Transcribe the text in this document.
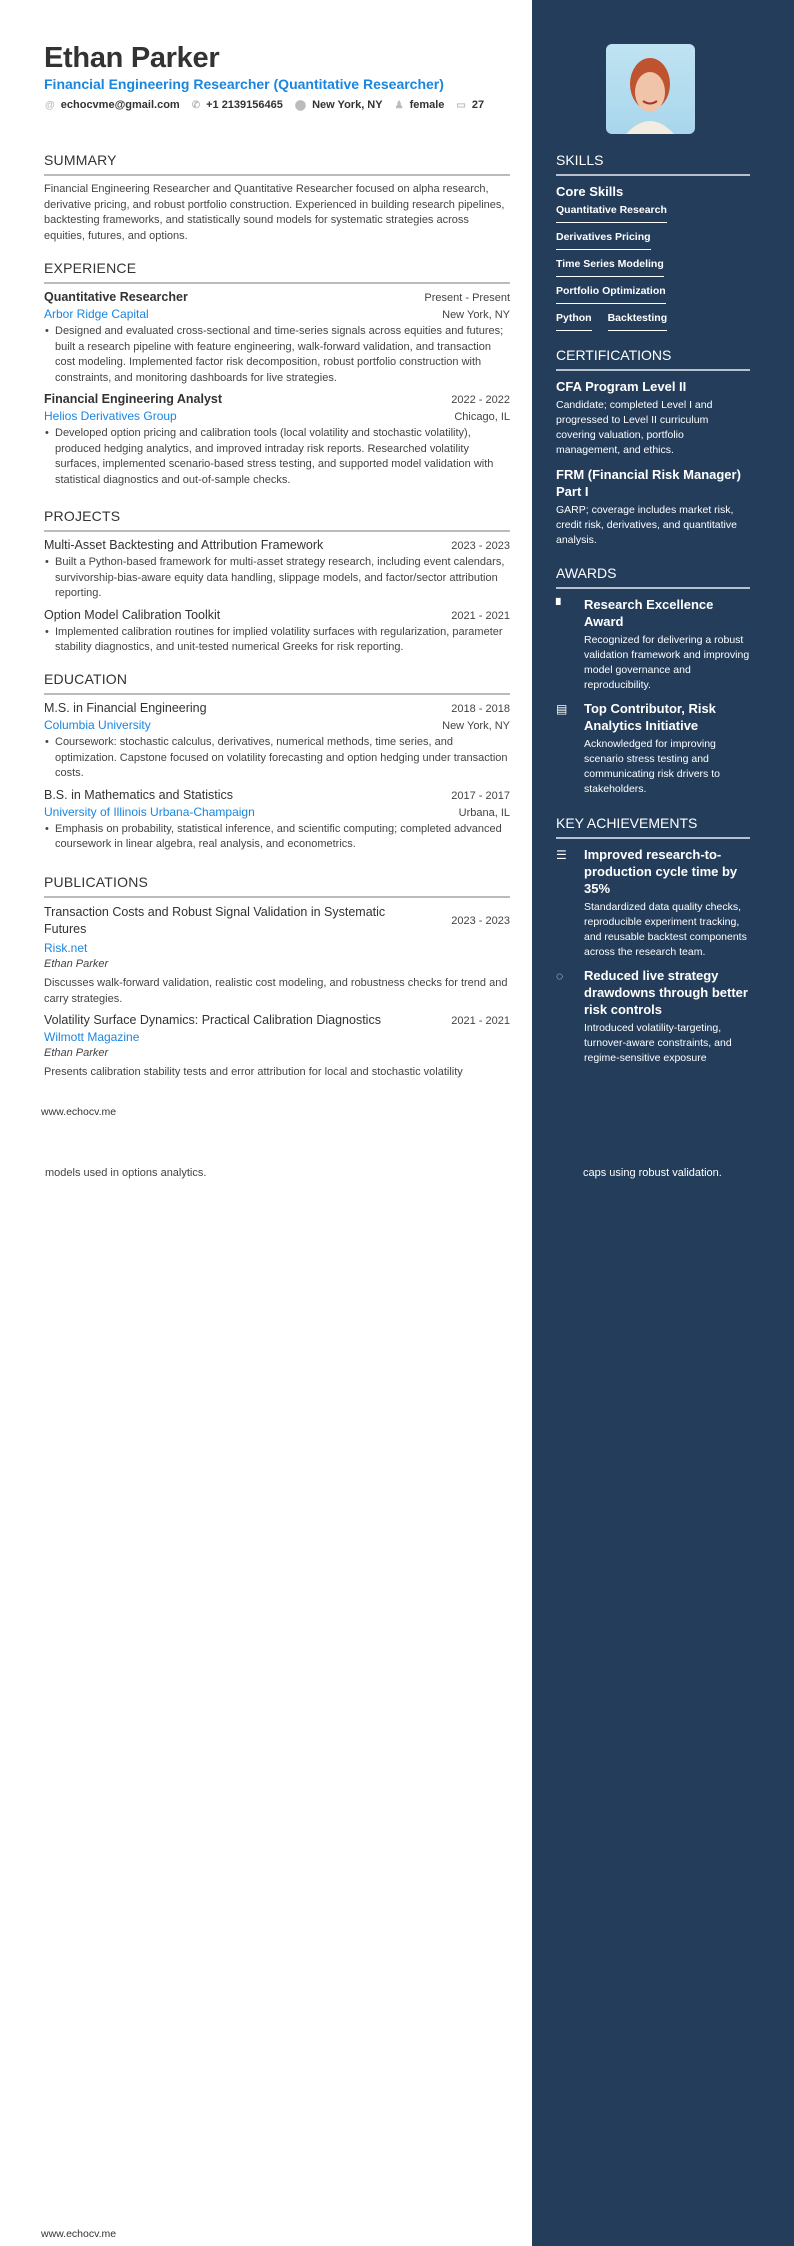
Ethan Parker
Financial Engineering Researcher (Quantitative Researcher)
@ echocvme@gmail.com ✆ +1 2139156465 ⬤ New York, NY ♟ female ▭ 27
SUMMARY

Financial Engineering Researcher and Quantitative Researcher focused on alpha research, derivative pricing, and robust portfolio construction. Experienced in building research pipelines, backtesting frameworks, and statistically sound models for systematic strategies across equities, futures, and options.

EXPERIENCE
Quantitative Researcher	Present - Present
Arbor Ridge Capital	New York, NY
• Designed and evaluated cross-sectional and time-series signals across equities and futures; built a research pipeline with feature engineering, walk-forward validation, and transaction cost modeling. Implemented factor risk decomposition, robust portfolio construction with constraints, and monitoring dashboards for live strategies.
Financial Engineering Analyst	2022 - 2022
Helios Derivatives Group	Chicago, IL
• Developed option pricing and calibration tools (local volatility and stochastic volatility), produced hedging analytics, and improved intraday risk reports. Researched volatility surfaces, implemented scenario-based stress testing, and supported model validation with statistical diagnostics and out-of-sample checks.
PROJECTS
Multi-Asset Backtesting and Attribution Framework	2023 - 2023
• Built a Python-based framework for multi-asset strategy research, including event calendars, survivorship-bias-aware equity data handling, slippage models, and factor/sector attribution reporting.
Option Model Calibration Toolkit	2021 - 2021
• Implemented calibration routines for implied volatility surfaces with regularization, parameter stability diagnostics, and unit-tested numerical Greeks for risk reporting.
EDUCATION
M.S. in Financial Engineering	2018 - 2018
Columbia University	New York, NY
• Coursework: stochastic calculus, derivatives, numerical methods, time series, and optimization. Capstone focused on volatility forecasting and option hedging under transaction costs.
B.S. in Mathematics and Statistics	2017 - 2017
University of Illinois Urbana-Champaign	Urbana, IL
• Emphasis on probability, statistical inference, and scientific computing; completed advanced coursework in linear algebra, real analysis, and econometrics.
PUBLICATIONS
Transaction Costs and Robust Signal Validation in Systematic Futures
2023 - 2023
Risk.net
Ethan Parker

Discusses walk-forward validation, realistic cost modeling, and robustness checks for trend and carry strategies.

Volatility Surface Dynamics: Practical Calibration Diagnostics	2021 - 2021
Wilmott Magazine
Ethan Parker

Presents calibration stability tests and error attribution for local and stochastic volatility

www.echocv.me
models used in options analytics.	caps using robust validation.
www.echocv.me
SKILLS
Core Skills
Quantitative Research
Derivatives Pricing
Time Series Modeling
Portfolio Optimization
Python Backtesting
CERTIFICATIONS
CFA Program Level II
Candidate; completed Level I and progressed to Level II curriculum covering valuation, portfolio management, and ethics.
FRM (Financial Risk Manager) Part I
GARP; coverage includes market risk, credit risk, derivatives, and quantitative analysis.
AWARDS
▘	Research Excellence Award
Recognized for delivering a robust validation framework and improving model governance and reproducibility.
▤	Top Contributor, Risk Analytics Initiative
Acknowledged for improving scenario stress testing and communicating risk drivers to stakeholders.
KEY ACHIEVEMENTS
☰	Improved research-to-production cycle time by 35%
Standardized data quality checks, reproducible experiment tracking, and reusable backtest components across the research team.
◌	Reduced live strategy drawdowns through better risk controls
Introduced volatility-targeting, turnover-aware constraints, and regime-sensitive exposure
